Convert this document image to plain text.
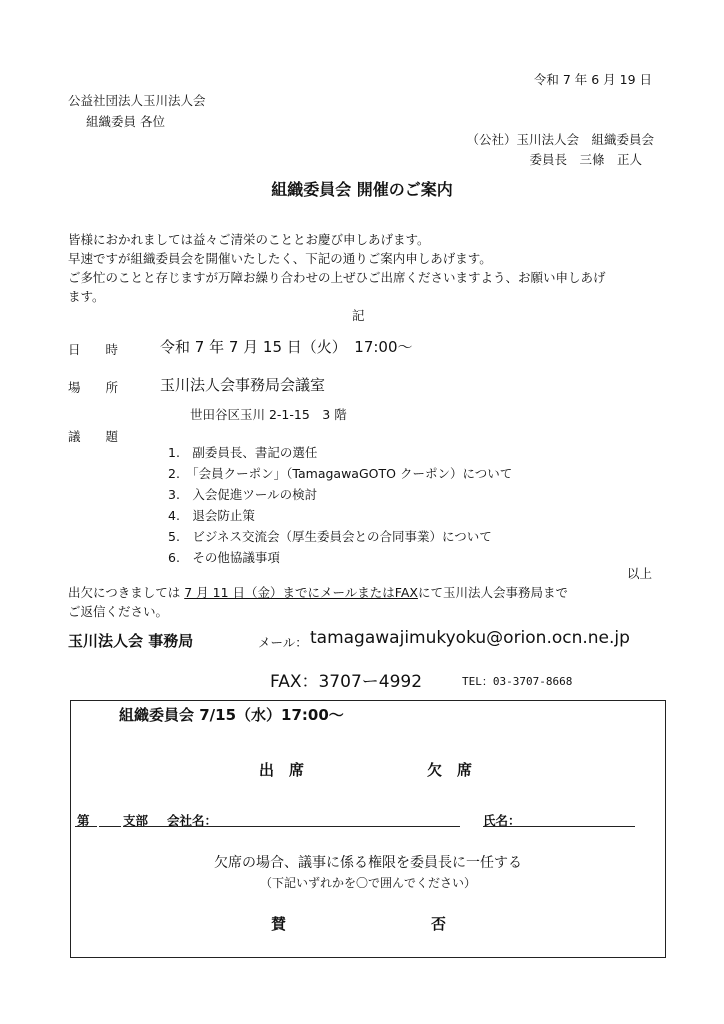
令和 7 年 6 月 19 日
公益社団法人玉川法人会
組織委員 各位
（公社）玉川法人会　組織委員会
委員長　三條　正人
組織委員会 開催のご案内
皆様におかれましては益々ご清栄のこととお慶び申しあげます。
早速ですが組織委員会を開催いたしたく、下記の通りご案内申しあげます。
ご多忙のことと存じますが万障お繰り合わせの上ぜひご出席くださいますよう、お願い申しあげ
ます。
記
日　　時	令和 7 年 7 月 15 日（火）　17:00〜
場　　所	玉川法人会事務局会議室
世田谷区玉川 2-1-15　3 階
議　　題
1.　副委員長、書記の選任
2.　「会員クーポン」（TamagawaGOTO クーポン）について
3.　入会促進ツールの検討
4.　退会防止策
5.　ビジネス交流会（厚生委員会との合同事業）について
6.　その他協議事項
以上
出欠につきましては 7 月 11 日（金）までにメールまたはFAXにて玉川法人会事務局まで
ご返信ください。
玉川法人会 事務局	メール： tamagawajimukyoku@orion.ocn.ne.jp
FAX：3707ー4992	TEL：03-3707-8668
組織委員会 7/15（水）17:00〜
出　席	欠　席
第	支部 会社名：	氏名：
欠席の場合、議事に係る権限を委員長に一任する
（下記いずれかを〇で囲んでください）
賛	否
